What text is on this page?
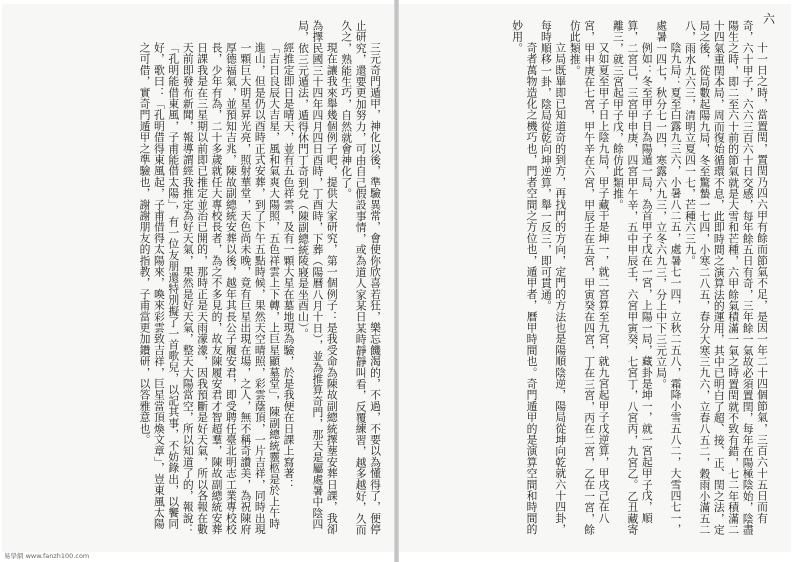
十一日之時，當置閏，置閏乃四六甲有餘而節氣不足，是因一年二十四個節氣，三百六十五日而有奇，六十甲子，六六三百六十日交感，每年餘五日有奇，三年餘一氣故必須置閏，每年在陽極陰始，陰盡陽生之時，即二至六十前的節氣就是大雪和芒種，六甲餘氣積滿一氣之時置閏就不致有錯，七二年積滿二十四氣重閏本局，周而復始循環不息，此即時間之演算法的運用，其中已明白了超、接、正、閏之法，定局之後，從局數起陽九局，冬至驚蟄一七四，小寒二八五，春分大寒三九六，立春八五二，穀雨小滿五二八，雨水九六三，清明立夏四一七，芒種六三九。

陰九局：夏至白露九三六，小暑八二五，處暑七一四，立秋二五八，霜降小雪五八二，大雪四七一，處暑一四七，秋分七一四，寒露六九三，立冬六九三，分上中下三元立局。

例如：冬至甲子日為陽遁一局，為首甲子戊在一宮，上陽一局，藏卦是坤一，就一宮起甲子戊，順算，二宮己，三宮甲申庚，四宮甲午辛，五中甲辰壬，六宮甲寅癸，七宮丁，八宮丙，九宮乙。乙丑藏寄離三，就三宮起甲子戊，餘仿此類推。

又如夏至甲子日上陰九局，甲子藏干是坤一，就二宮算至九宮，就九宮起甲子戊逆算，甲戌己在八宮，甲申庚在七宮，甲午辛在六宮，甲辰壬在五宮，甲寅癸在四宮，丁在三宮，丙在二宮，乙在一宮，餘仿此類推。

立局既畢即已知道奇的到方，再找門的方向，定門的方法也是陽順陰逆，陽局從坤向乾就六十四卦，每時順移一卦，陰局從乾向坤逆算，舉一反三，即可貫通。

奇者萬物造化之機巧也，門者空間之方位也，遁甲者，曆甲時間也。奇門遁甲的是演算空間和時間的妙用。

六

三元奇門遁甲，神化以後，準驗異常，會使你欣喜若狂，樂忘饑渴的，不過，不要以為懂得了，便停止研究，還要更加努力，可由自己假設事情，或為道人家某日某時靜靜叫看，反覆練習，越多越好，久而久之，熟能生巧，自然就會神化了。

現在讓我來舉幾個例子吧，提供大家研究，第一個例子：是我受命為陳故副總統擇塟安葬日課，我卻為擇民國三十四年四月四日酉時，丁酉時，下葬（陽曆八月十日），並為推算奇門，那天是屬處暑中陰四局，依三元遁法，遁得休門丁奇到兌（陳副總統陵寢是坐酉山）。

經推定即日是晴天，並有五色祥雲，及有一顆大星在墓地現為驗，於是我便在日課上寫著：

「吉日良辰大吉星，風和氣爽大陽照，五色祥雲上下轉，上巨星顯墓堂」，陳副總統靈柩是於上午時進山，但是仍以酉時正式安葬，到了下午五點時候，果然天空晴照，彩雲蔭頂，一片吉祥，同時出現一顆巨大明星昇光亮，照射華堂，天色尚未晚，竟有巨星出現在場，之人，無不稱奇讚美，為祝陳府厚德福氣，並預知吉兆，陳故副總統安葬以後，越年其長公子履安君，即受聘任臺北明志工業專校校長，少年有為，二十多歲就任大專校長者，為之不多見的，故友陳履安君才智超羣，陳故副總統安葬日課我是在三星期以前即已推定並治已開的，那時正是天雨濛濛，因我預斷是好天氣，所以各報在數天前即發布新聞，報導謂經我推定為好天氣，果然是好天氣，整天大陽當空，所以知道了的，報說：「孔明能借東風，子甫能借太陽」，有一位友朋還特別擬了一首歌兒，以記其事，不妨錄出，以饗同好，歌曰：「孔明借得東風起，子甫借得太陽來，喚來彩雲致吉祥，巨星當頂煥文章」，豈東風太陽之可借，實奇門遁甲之準驗也，謝謝朋友的指教，子甫當更加鑽研，以答雅意也。

易學網 www.fanzh100.com
